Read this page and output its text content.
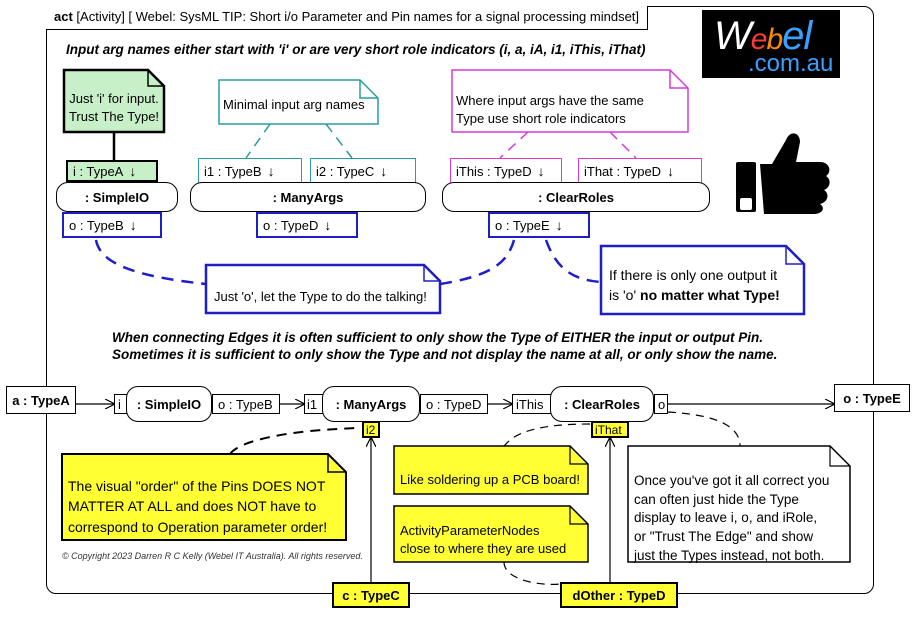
act [Activity] [ Webel: SysML TIP: Short i/o Parameter and Pin names for a signal processing mindset] Webel
.com.au
Input arg names either start with 'i' or are very short role indicators (i, a, iA, i1, iThis, iThat)
When connecting Edges it is often sufficient to only show the Type of EITHER the input or output Pin.
Sometimes it is sufficient to only show the Type and not display the name at all, or only show the name.
Just 'i' for input.
Trust The Type!
Minimal input arg names	Where input args have the same
Type use short role indicators
Just 'o', let the Type to do the talking!
If there is only one output it
is 'o' no matter what Type!
The visual "order" of the Pins DOES NOT
MATTER AT ALL and does NOT have to
correspond to Operation parameter order!
Like soldering up a PCB board!
ActivityParameterNodes
close to where they are used
Once you've got it all correct you
can often just hide the Type
display to leave i, o, and iRole,
or "Trust The Edge" and show
just the Types instead, not both.
i : TypeA ↓
: SimpleIO
o : TypeB ↓
i1 : TypeB ↓	i2 : TypeC ↓
: ManyArgs
o : TypeD ↓
iThis : TypeD ↓	iThat : TypeD ↓
: ClearRoles
o : TypeE ↓
a : TypeA	i	: SimpleIO	o : TypeB	i1	: ManyArgs	o : TypeD
i2
iThis	: ClearRoles	o
iThat
o : TypeE
c : TypeC	dOther : TypeD
© Copyright 2023 Darren R C Kelly (Webel IT Australia). All rights reserved.
